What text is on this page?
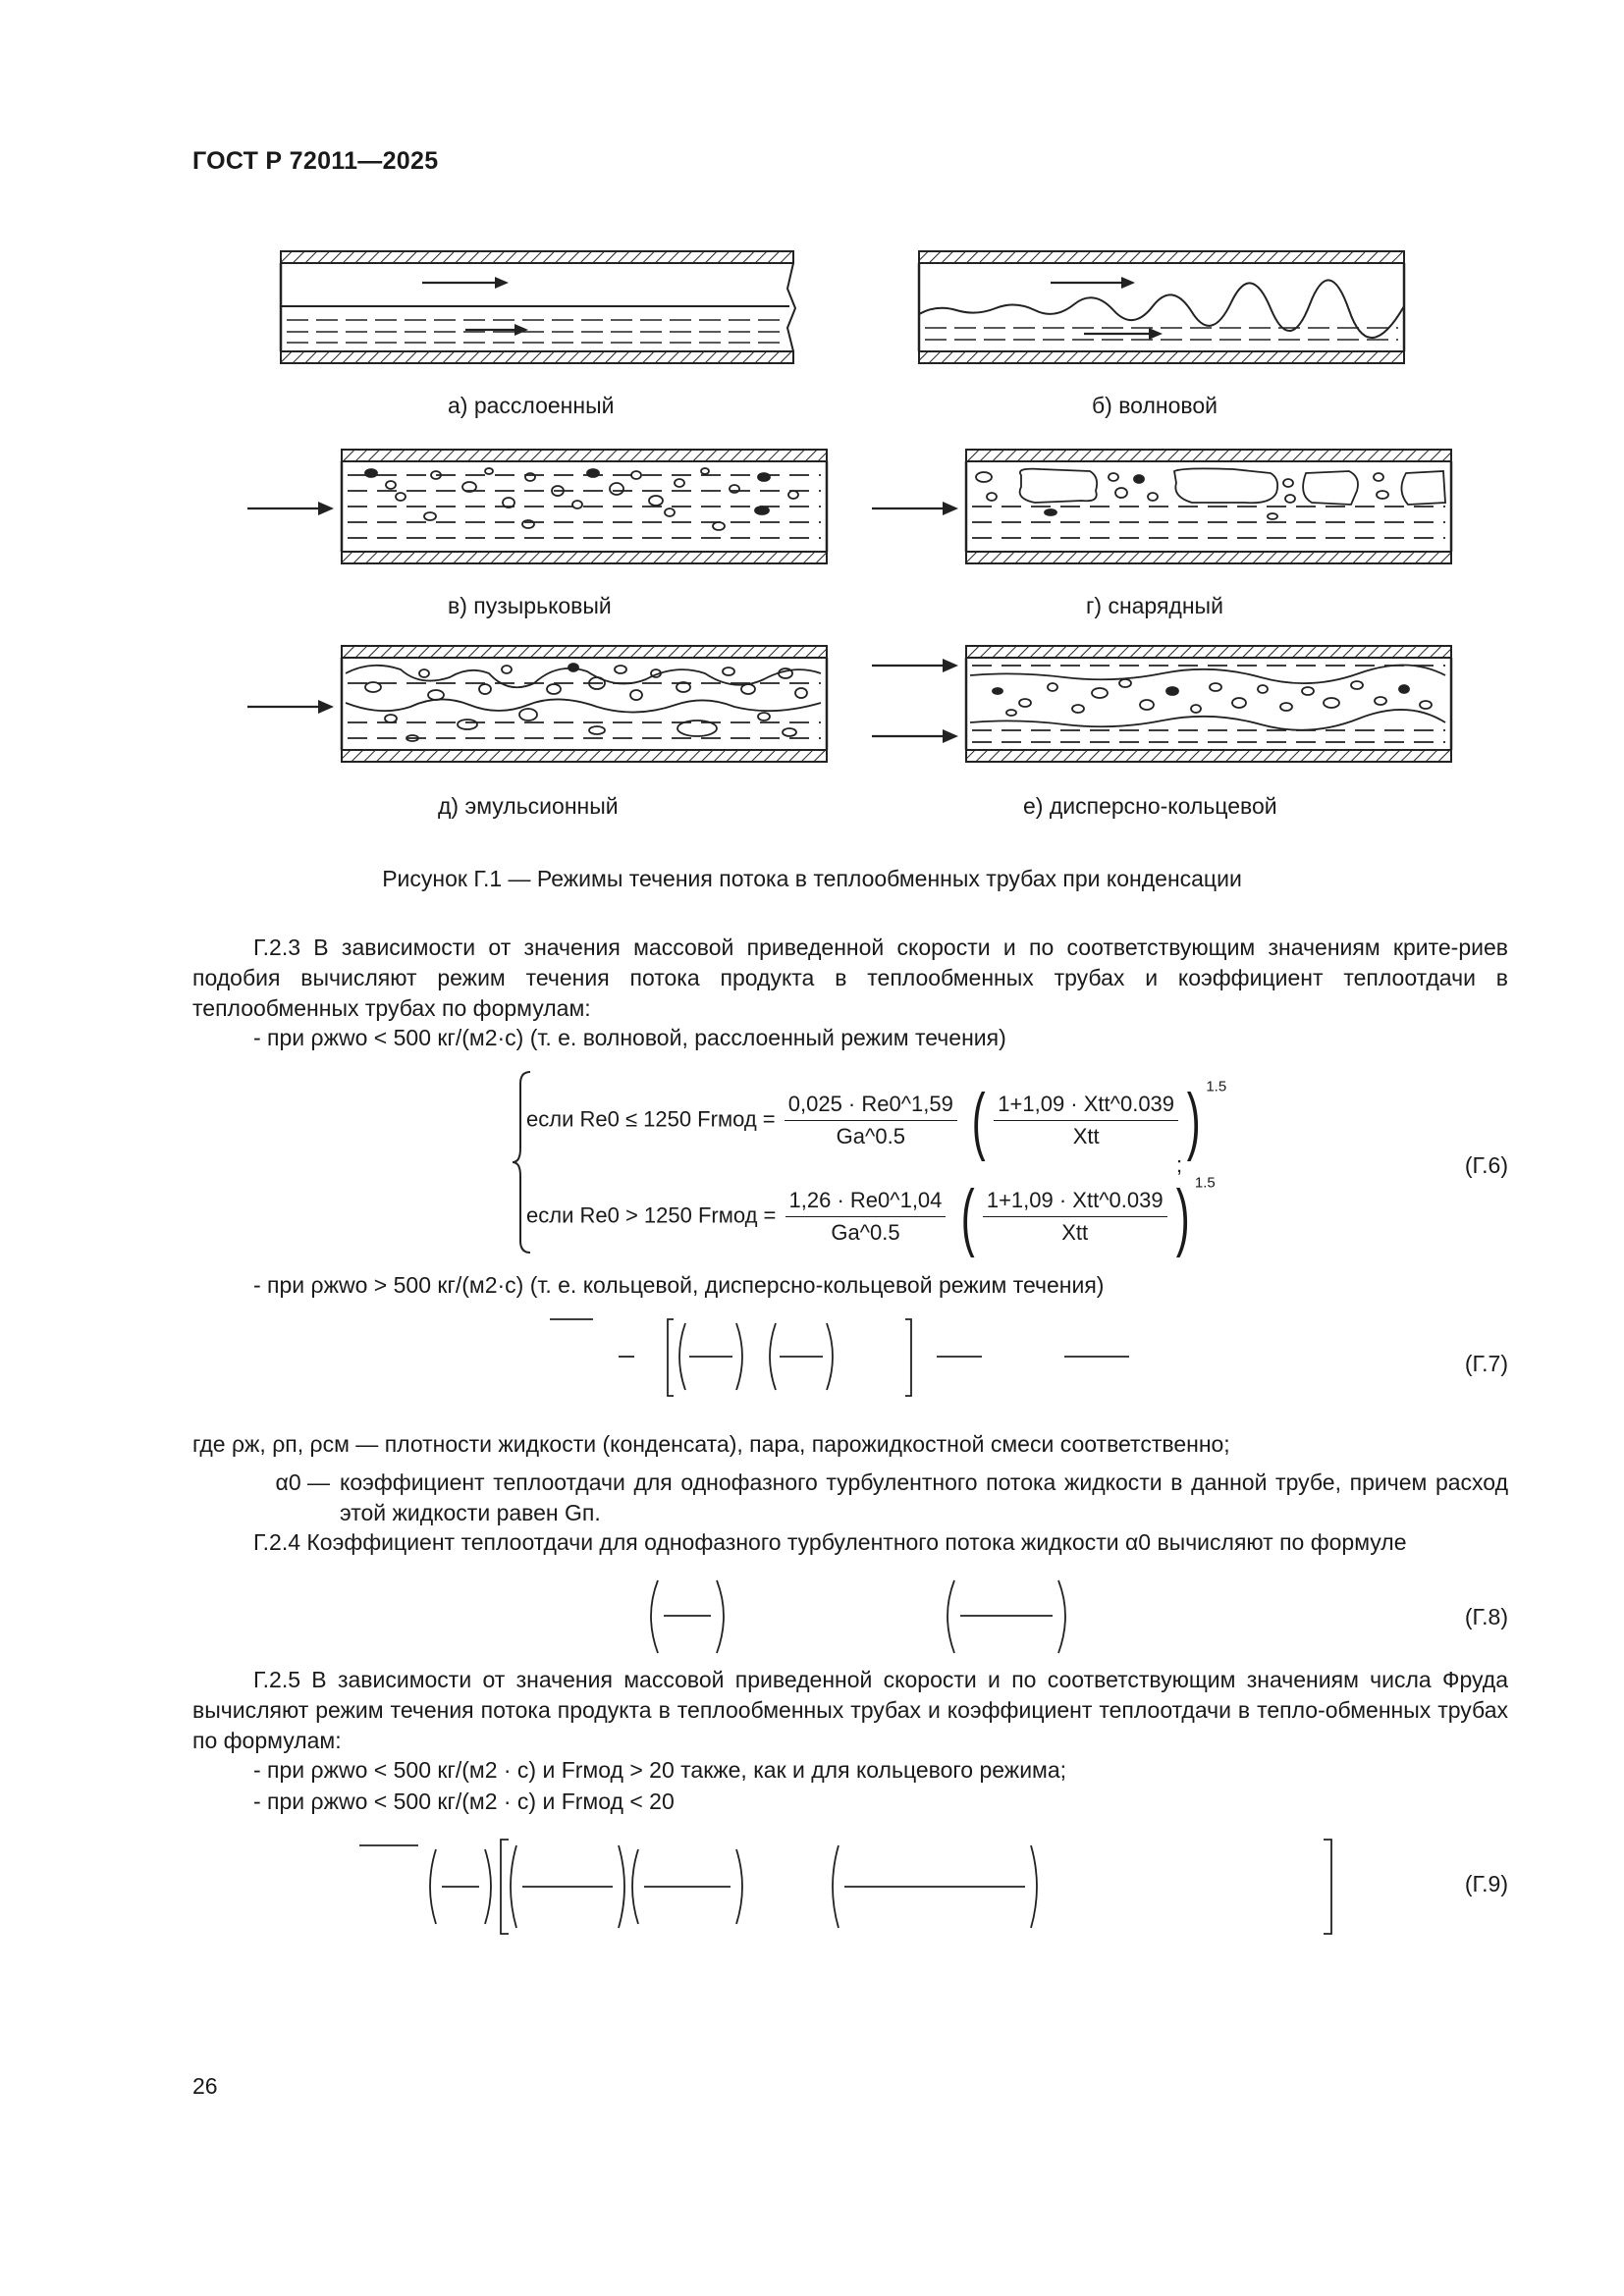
ГОСТ Р 72011—2025
а) расслоенный	б) волновой
в) пузырьковый	г) снарядный
д) эмульсионный	е) дисперсно-кольцевой
Рисунок Г.1 — Режимы течения потока в теплообменных трубах при конденсации
Г.2.3 В зависимости от значения массовой приведенной скорости и по соответствующим значениям крите-риев подобия вычисляют режим течения потока продукта в теплообменных трубах и коэффициент теплоотдачи в теплообменных трубах по формулам:
- при ρжwo < 500 кг/(м2·с) (т. е. волновой, расслоенный режим течения)
если Re0 ≤ 1250 Frмод = $\frac{0,025 \cdot Re0\^{}1,59}{Ga\^{}0.5}$ ( $\frac{\text{1+1,09 · Xtt\textasciicircum{}0.039}}{\text{Xtt}}$ ) $^{1.5}$
если Re0 > 1250 Frмод = $\frac{1,26 \cdot Re0\^{}1,04}{Ga\^{}0.5}$ ( $\frac{\text{1+1,09 · Xtt\textasciicircum{}0.039}}{\text{Xtt}}$ ) $^{1.5}$
;	(Г.6)
- при ρжwo > 500 кг/(м2·с) (т. е. кольцевой, дисперсно-кольцевой режим течения)
(Г.7)
где ρж, ρп, ρсм — плотности жидкости (конденсата), пара, парожидкостной смеси соответственно;
α0 — коэффициент теплоотдачи для однофазного турбулентного потока жидкости в данной трубе, причем расход этой жидкости равен Gп.
Г.2.4 Коэффициент теплоотдачи для однофазного турбулентного потока жидкости α0 вычисляют по формуле
(Г.8)
Г.2.5 В зависимости от значения массовой приведенной скорости и по соответствующим значениям числа Фруда вычисляют режим течения потока продукта в теплообменных трубах и коэффициент теплоотдачи в тепло-обменных трубах по формулам:
- при ρжwo < 500 кг/(м2 · с) и Frмод > 20 также, как и для кольцевого режима;
- при ρжwo < 500 кг/(м2 · с) и Frмод < 20
(Г.9)
26
